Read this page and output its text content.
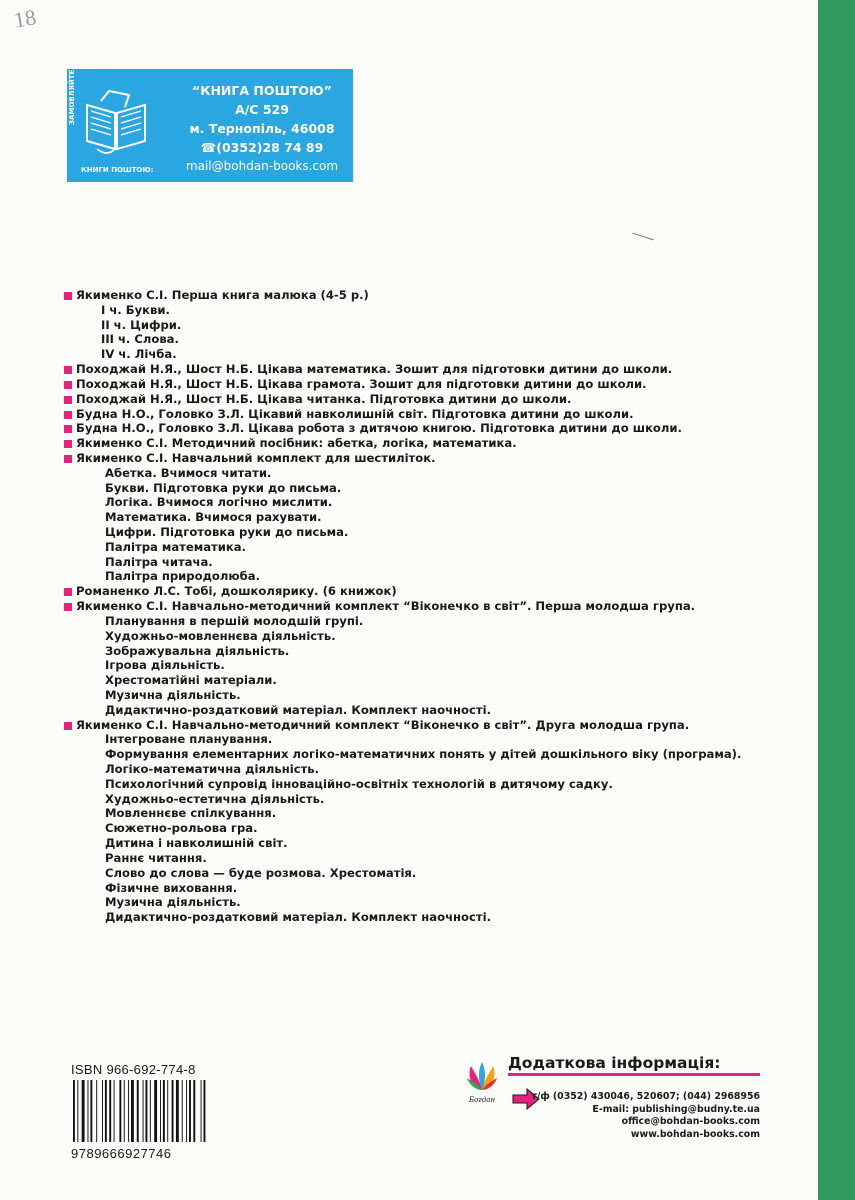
18
ЗАМОВЛЯЙТЕ
КНИГИ ПОШТОЮ:
“КНИГА ПОШТОЮ”
А/С 529
м. Тернопіль, 46008
☎(0352)28 74 89
mail@bohdan-books.com
Якименко С.І. Перша книга малюка (4-5 р.)
І ч. Букви.
ІІ ч. Цифри.
ІІІ ч. Слова.
ІV ч. Лічба.
Походжай Н.Я., Шост Н.Б. Цікава математика. Зошит для підготовки дитини до школи.
Походжай Н.Я., Шост Н.Б. Цікава грамота. Зошит для підготовки дитини до школи.
Походжай Н.Я., Шост Н.Б. Цікава читанка. Підготовка дитини до школи.
Будна Н.О., Головко З.Л. Цікавий навколишній світ. Підготовка дитини до школи.
Будна Н.О., Головко З.Л. Цікава робота з дитячою книгою. Підготовка дитини до школи.
Якименко С.І. Методичний посібник: абетка, логіка, математика.
Якименко С.І. Навчальний комплект для шестиліток.
Абетка. Вчимося читати.
Букви. Підготовка руки до письма.
Логіка. Вчимося логічно мислити.
Математика. Вчимося рахувати.
Цифри. Підготовка руки до письма.
Палітра математика.
Палітра читача.
Палітра природолюба.
Романенко Л.С. Тобі, дошколярику. (6 книжок)
Якименко С.І. Навчально-методичний комплект “Віконечко в світ”. Перша молодша група.
Планування в першій молодшій групі.
Художньо-мовленнєва діяльність.
Зображувальна діяльність.
Ігрова діяльність.
Хрестоматійні матеріали.
Музична діяльність.
Дидактично-роздатковий матеріал. Комплект наочності.
Якименко С.І. Навчально-методичний комплект “Віконечко в світ”. Друга молодша група.
Інтегроване планування.
Формування елементарних логіко-математичних понять у дітей дошкільного віку (програма).
Логіко-математична діяльність.
Психологічний супровід інноваційно-освітніх технологій в дитячому садку.
Художньо-естетична діяльність.
Мовленнєве спілкування.
Сюжетно-рольова гра.
Дитина і навколишній світ.
Раннє читання.
Слово до слова — буде розмова. Хрестоматія.
Фізичне виховання.
Музична діяльність.
Дидактично-роздатковий матеріал. Комплект наочності.
ISBN 966-692-774-8
9789666927746
Богдан
Додаткова інформація:
т/ф (0352) 430046, 520607; (044) 2968956
E-mail: publishing@budny.te.ua
office@bohdan-books.com
www.bohdan-books.com
